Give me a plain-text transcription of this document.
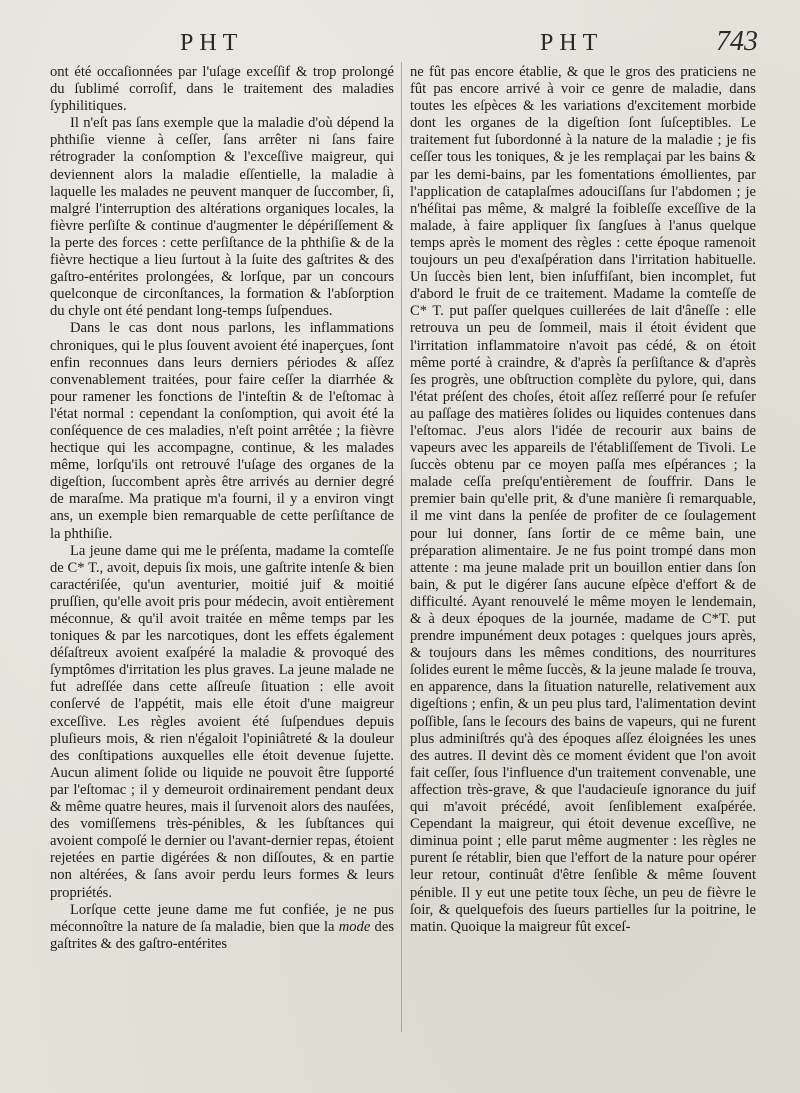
PHT	PHT	743

ont été occaſionnées par l'uſage exceſſif & trop prolongé du ſublimé corroſif, dans le traitement des maladies ſyphilitiques.

Il n'eſt pas ſans exemple que la maladie d'où dépend la phthiſie vienne à ceſſer, ſans arrêter ni ſans faire rétrograder la conſomption & l'exceſſive maigreur, qui deviennent alors la maladie eſſentielle, la maladie à laquelle les malades ne peuvent manquer de ſuccomber, ſi, malgré l'interruption des altérations organiques locales, la fièvre perſiſte & continue d'augmenter le dépériſſement & la perte des forces : cette perſiſtance de la phthiſie & de la fièvre hectique a lieu ſurtout à la ſuite des gaſtrites & des gaſtro-entérites prolongées, & lorſque, par un concours quelconque de circonſtances, la formation & l'abſorption du chyle ont été pendant long-temps ſuſpendues.

Dans le cas dont nous parlons, les inflammations chroniques, qui le plus ſouvent avoient été inaperçues, ſont enfin reconnues dans leurs derniers périodes & aſſez convenablement traitées, pour faire ceſſer la diarrhée & pour ramener les fonctions de l'inteſtin & de l'eſtomac à l'état normal : cependant la conſomption, qui avoit été la conſéquence de ces maladies, n'eſt point arrêtée ; la fièvre hectique qui les accompagne, continue, & les malades même, lorſqu'ils ont retrouvé l'uſage des organes de la digeſtion, ſuccombent après être arrivés au dernier degré de maraſme. Ma pratique m'a fourni, il y a environ vingt ans, un exemple bien remarquable de cette perſiſtance de la phthiſie.

La jeune dame qui me le préſenta, madame la comteſſe de C* T., avoit, depuis ſix mois, une gaſtrite intenſe & bien caractériſée, qu'un aventurier, moitié juif & moitié pruſſien, qu'elle avoit pris pour médecin, avoit entièrement méconnue, & qu'il avoit traitée en même temps par les toniques & par les narcotiques, dont les effets également déſaſtreux avoient exaſpéré la maladie & provoqué des ſymptômes d'irritation les plus graves. La jeune malade ne fut adreſſée dans cette aſſreuſe ſituation : elle avoit conſervé de l'appétit, mais elle étoit d'une maigreur exceſſive. Les règles avoient été ſuſpendues depuis pluſieurs mois, & rien n'égaloit l'opiniâtreté & la douleur des conſtipations auxquelles elle étoit devenue ſujette. Aucun aliment ſolide ou liquide ne pouvoit être ſupporté par l'eſtomac ; il y demeuroit ordinairement pendant deux & même quatre heures, mais il ſurvenoit alors des nauſées, des vomiſſemens très-pénibles, & les ſubſtances qui avoient compoſé le dernier ou l'avant-dernier repas, étoient rejetées en partie digérées & non diſſoutes, & en partie non altérées, & ſans avoir perdu leurs formes & leurs propriétés.

Lorſque cette jeune dame me fut confiée, je ne pus méconnoître la nature de ſa maladie, bien que la mode des gaſtrites & des gaſtro-entérites

ne fût pas encore établie, & que le gros des praticiens ne fût pas encore arrivé à voir ce genre de maladie, dans toutes les eſpèces & les variations d'excitement morbide dont les organes de la digeſtion ſont ſuſceptibles. Le traitement fut ſubordonné à la nature de la maladie ; je fis ceſſer tous les toniques, & je les remplaçai par les bains & par les demi-bains, par les fomentations émollientes, par l'application de cataplaſmes adouciſſans ſur l'abdomen ; je n'héſitai pas même, & malgré la foibleſſe exceſſive de la malade, à faire appliquer ſix ſangſues à l'anus quelque temps après le moment des règles : cette époque ramenoit toujours un peu d'exaſpération dans l'irritation habituelle. Un ſuccès bien lent, bien inſuffiſant, bien incomplet, fut d'abord le fruit de ce traitement. Madame la comteſſe de C* T. put paſſer quelques cuillerées de lait d'âneſſe : elle retrouva un peu de ſommeil, mais il étoit évident que l'irritation inflammatoire n'avoit pas cédé, & on étoit même porté à craindre, & d'après ſa perſiſtance & d'après ſes progrès, une obſtruction complète du pylore, qui, dans l'état préſent des choſes, étoit aſſez reſſerré pour ſe refuſer au paſſage des matières ſolides ou liquides contenues dans l'eſtomac. J'eus alors l'idée de recourir aux bains de vapeurs avec les appareils de l'établiſſement de Tivoli. Le ſuccès obtenu par ce moyen paſſa mes eſpérances ; la malade ceſſa preſqu'entièrement de ſouffrir. Dans le premier bain qu'elle prit, & d'une manière ſi remarquable, il me vint dans la penſée de profiter de ce ſoulagement pour lui donner, ſans ſortir de ce même bain, une préparation alimentaire. Je ne fus point trompé dans mon attente : ma jeune malade prit un bouillon entier dans ſon bain, & put le digérer ſans aucune eſpèce d'effort & de difficulté. Ayant renouvelé le même moyen le lendemain, & à deux époques de la journée, madame de C*T. put prendre impunément deux potages : quelques jours après, & toujours dans les mêmes conditions, des nourritures ſolides eurent le même ſuccès, & la jeune malade ſe trouva, en apparence, dans la ſituation naturelle, relativement aux digeſtions ; enfin, & un peu plus tard, l'alimentation devint poſſible, ſans le ſecours des bains de vapeurs, qui ne furent plus adminiſtrés qu'à des époques aſſez éloignées les unes des autres. Il devint dès ce moment évident que l'on avoit fait ceſſer, ſous l'influence d'un traitement convenable, une affection très-grave, & que l'audacieuſe ignorance du juif qui m'avoit précédé, avoit ſenſiblement exaſpérée. Cependant la maigreur, qui étoit devenue exceſſive, ne diminua point ; elle parut même augmenter : les règles ne purent ſe rétablir, bien que l'effort de la nature pour opérer leur retour, continuât d'être ſenſible & même ſouvent pénible. Il y eut une petite toux ſèche, un peu de fièvre le ſoir, & quelquefois des ſueurs partielles ſur la poitrine, le matin. Quoique la maigreur fût exceſ-
